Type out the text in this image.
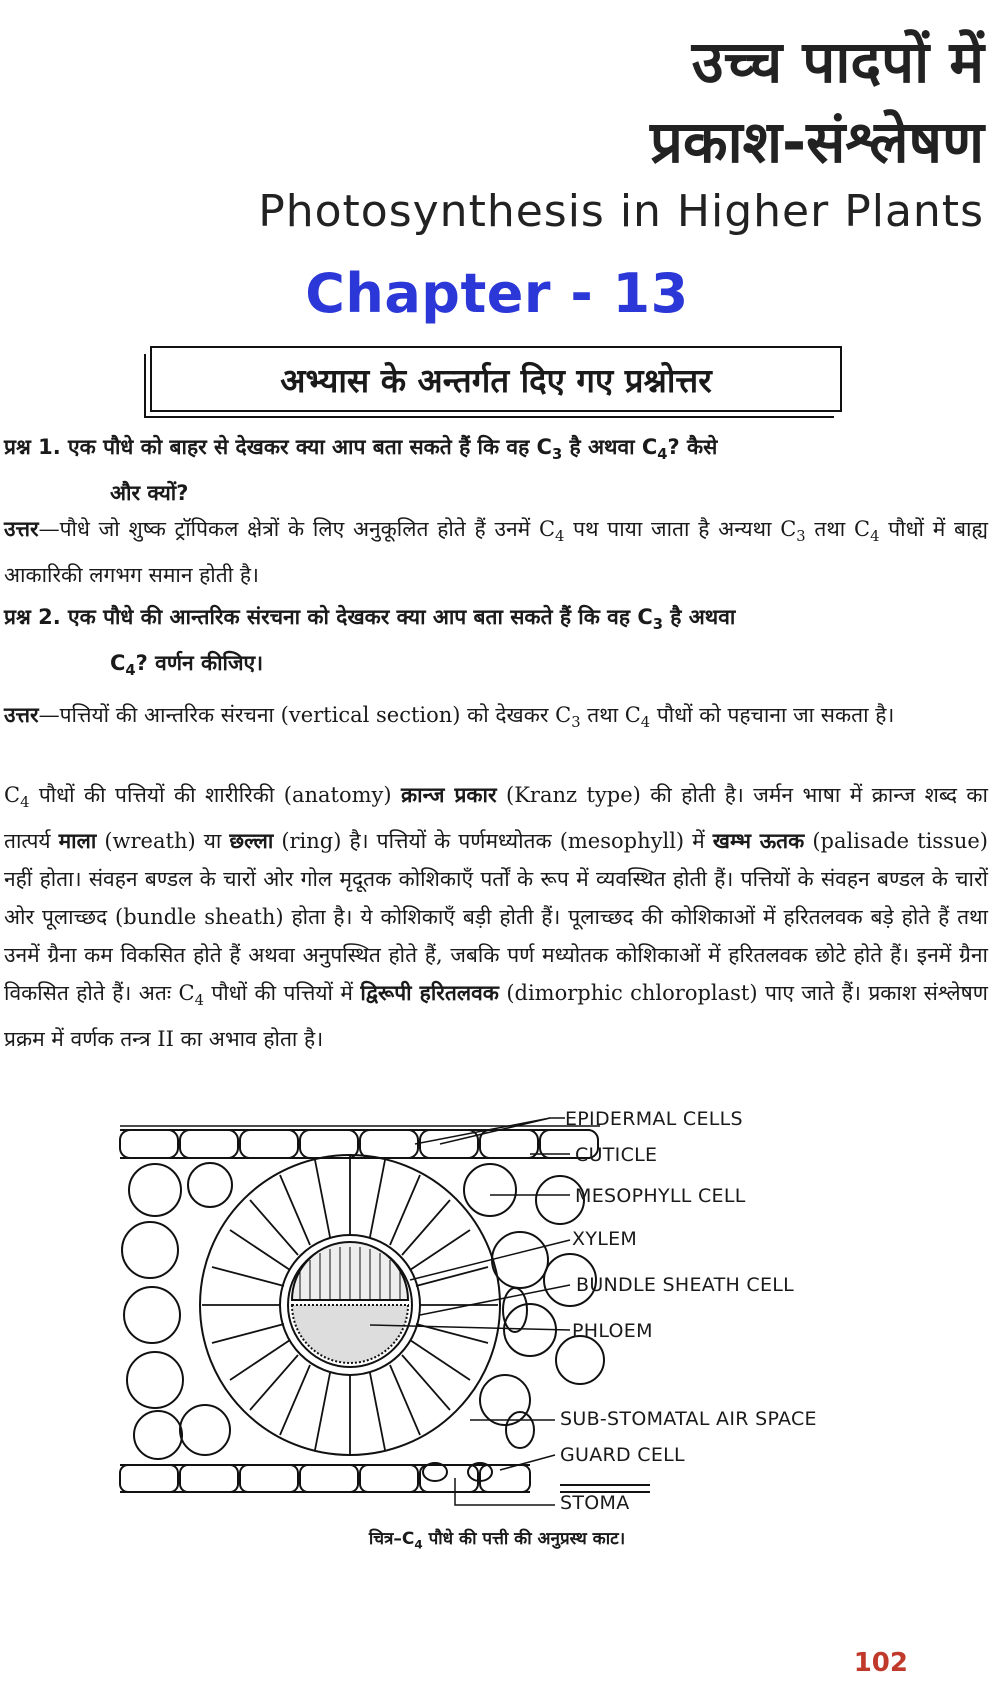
उच्च पादपों में
प्रकाश-संश्लेषण
Photosynthesis in Higher Plants
Chapter - 13
अभ्यास के अन्तर्गत दिए गए प्रश्नोत्तर
प्रश्न 1. एक पौधे को बाहर से देखकर क्या आप बता सकते हैं कि वह $C_3$ है अथवा $C_4$? कैसे
और क्यों?
उत्तर—पौधे जो शुष्क ट्रॉपिकल क्षेत्रों के लिए अनुकूलित होते हैं उनमें $C_4$ पथ पाया जाता है अन्यथा $C_3$ तथा $C_4$ पौधों में बाह्य आकारिकी लगभग समान होती है।
प्रश्न 2. एक पौधे की आन्तरिक संरचना को देखकर क्या आप बता सकते हैं कि वह $C_3$ है अथवा
$C_4$? वर्णन कीजिए।
उत्तर—पत्तियों की आन्तरिक संरचना (vertical section) को देखकर $C_3$ तथा $C_4$ पौधों को पहचाना जा सकता है।
$C_4$ पौधों की पत्तियों की शारीरिकी (anatomy) क्रान्ज प्रकार (Kranz type) की होती है। जर्मन भाषा में क्रान्ज शब्द का तात्पर्य माला (wreath) या छल्ला (ring) है। पत्तियों के पर्णमध्योतक (mesophyll) में खम्भ ऊतक (palisade tissue) नहीं होता। संवहन बण्डल के चारों ओर गोल मृदूतक कोशिकाएँ पर्तों के रूप में व्यवस्थित होती हैं। पत्तियों के संवहन बण्डल के चारों ओर पूलाच्छद (bundle sheath) होता है। ये कोशिकाएँ बड़ी होती हैं। पूलाच्छद की कोशिकाओं में हरितलवक बड़े होते हैं तथा उनमें ग्रैना कम विकसित होते हैं अथवा अनुपस्थित होते हैं, जबकि पर्ण मध्योतक कोशिकाओं में हरितलवक छोटे होते हैं। इनमें ग्रैना विकसित होते हैं। अतः $C_4$ पौधों की पत्तियों में द्विरूपी हरितलवक (dimorphic chloroplast) पाए जाते हैं। प्रकाश संश्लेषण प्रक्रम में वर्णक तन्त्र II का अभाव होता है।
EPIDERMAL CELLS
CUTICLE
MESOPHYLL CELL
XYLEM
BUNDLE SHEATH CELL
PHLOEM
SUB-STOMATAL AIR SPACE
GUARD CELL
STOMA
$चित्र-C_4$ पौधे की पत्ती की अनुप्रस्थ काट।
102
